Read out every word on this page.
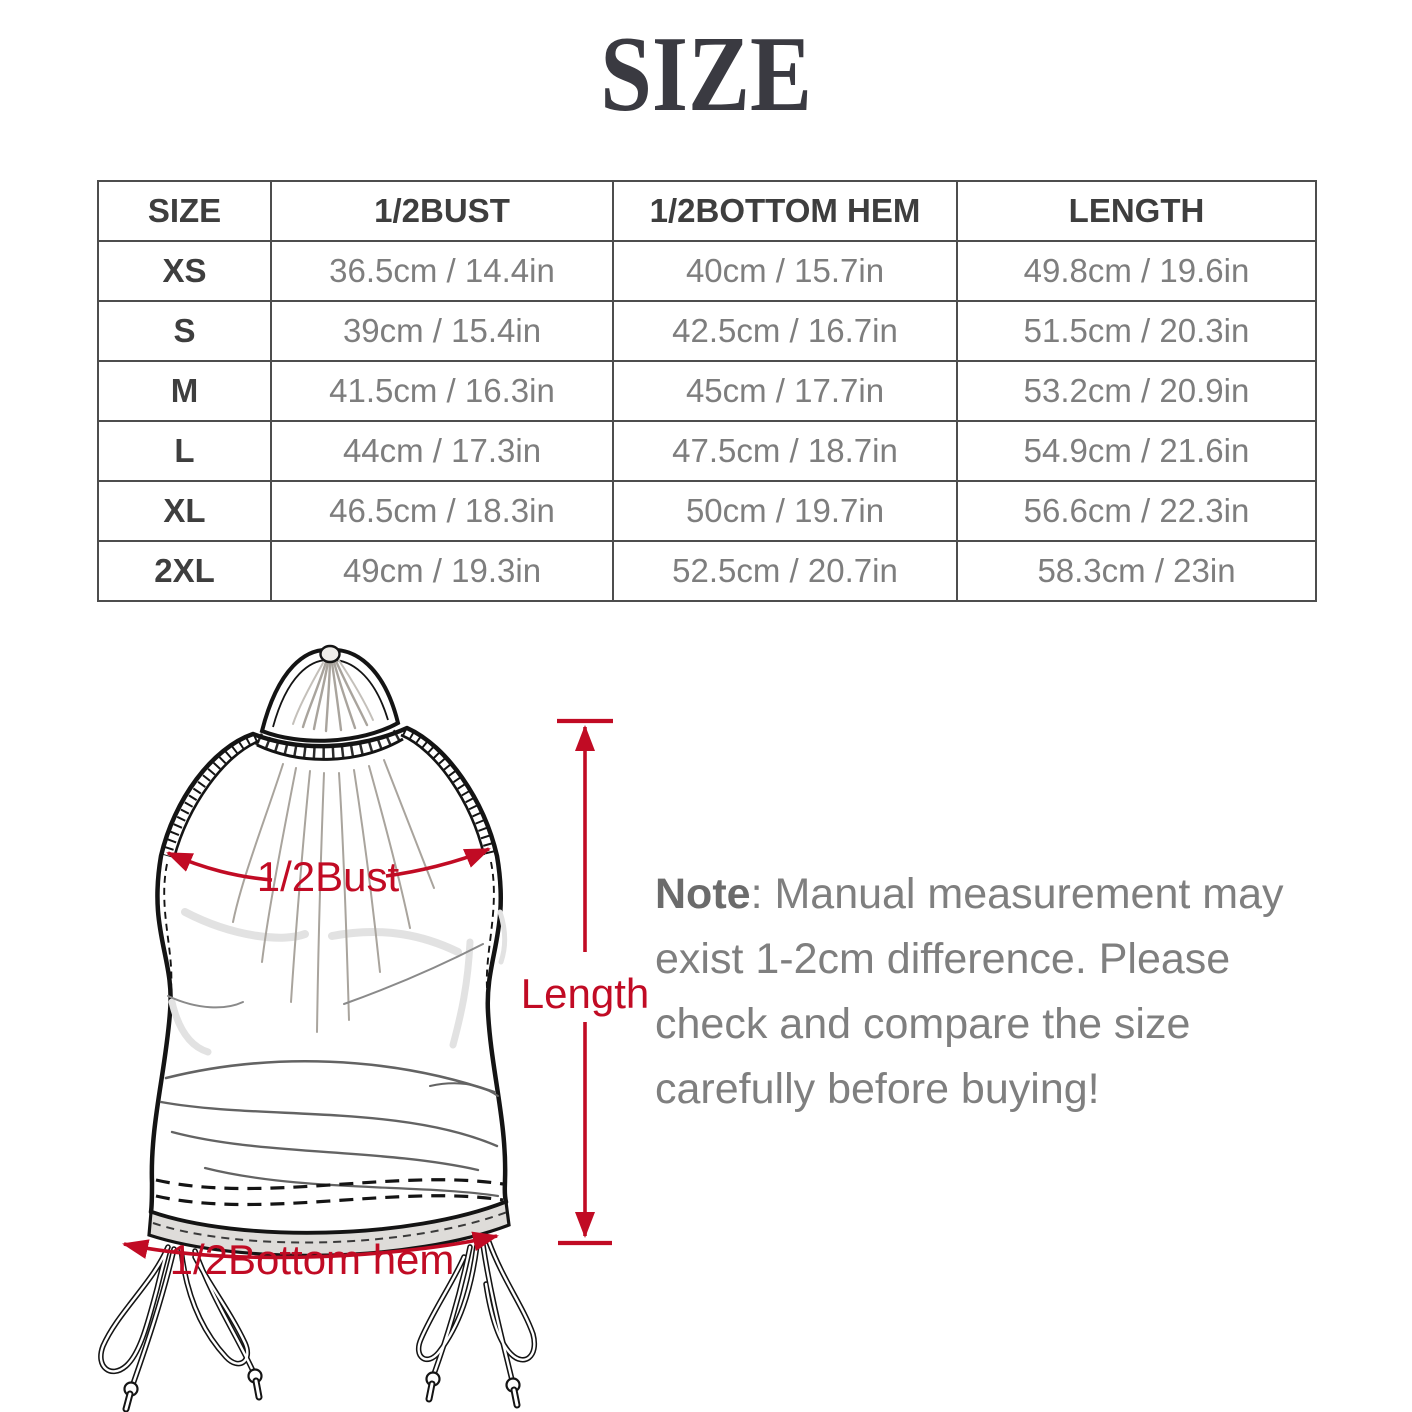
SIZE
SIZE	1/2BUST	1/2BOTTOM HEM	LENGTH
XS	36.5cm / 14.4in	40cm / 15.7in	49.8cm / 19.6in
S	39cm / 15.4in	42.5cm / 16.7in	51.5cm / 20.3in
M	41.5cm / 16.3in	45cm / 17.7in	53.2cm / 20.9in
L	44cm / 17.3in	47.5cm / 18.7in	54.9cm / 21.6in
XL	46.5cm / 18.3in	50cm / 19.7in	56.6cm / 22.3in
2XL	49cm / 19.3in	52.5cm / 20.7in	58.3cm / 23in
1/2Bust
Length
1/2Bottom hem

Note: Manual measurement may

exist 1-2cm difference. Please

check and compare the size

carefully before buying!
